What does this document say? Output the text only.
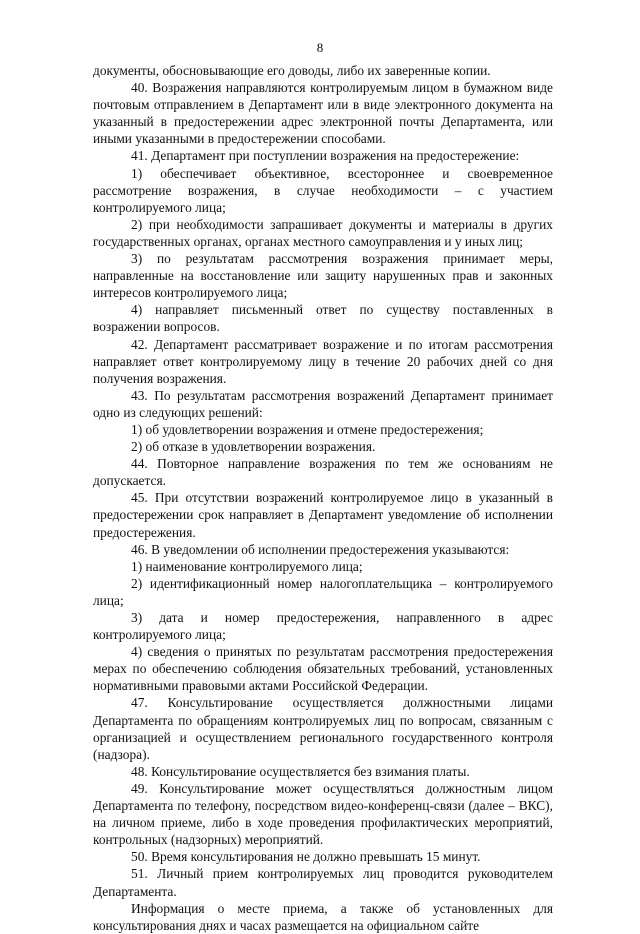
8

документы, обосновывающие его доводы, либо их заверенные копии.

40. Возражения направляются контролируемым лицом в бумажном виде почтовым отправлением в Департамент или в виде электронного документа на указанный в предостережении адрес электронной почты Департамента, или иными указанными в предостережении способами.

41. Департамент при поступлении возражения на предостережение:

1) обеспечивает объективное, всестороннее и своевременное рассмотрение возражения, в случае необходимости – с участием контролируемого лица;

2) при необходимости запрашивает документы и материалы в других государственных органах, органах местного самоуправления и у иных лиц;

3) по результатам рассмотрения возражения принимает меры, направленные на восстановление или защиту нарушенных прав и законных интересов контролируемого лица;

4) направляет письменный ответ по существу поставленных в возражении вопросов.

42. Департамент рассматривает возражение и по итогам рассмотрения направляет ответ контролируемому лицу в течение 20 рабочих дней со дня получения возражения.

43. По результатам рассмотрения возражений Департамент принимает одно из следующих решений:

1) об удовлетворении возражения и отмене предостережения;

2) об отказе в удовлетворении возражения.

44. Повторное направление возражения по тем же основаниям не допускается.

45. При отсутствии возражений контролируемое лицо в указанный в предостережении срок направляет в Департамент уведомление об исполнении предостережения.

46. В уведомлении об исполнении предостережения указываются:

1) наименование контролируемого лица;

2) идентификационный номер налогоплательщика – контролируемого лица;

3) дата и номер предостережения, направленного в адрес контролируемого лица;

4) сведения о принятых по результатам рассмотрения предостережения мерах по обеспечению соблюдения обязательных требований, установленных нормативными правовыми актами Российской Федерации.

47. Консультирование осуществляется должностными лицами Департамента по обращениям контролируемых лиц по вопросам, связанным с организацией и осуществлением регионального государственного контроля (надзора).

48. Консультирование осуществляется без взимания платы.

49. Консультирование может осуществляться должностным лицом Департамента по телефону, посредством видео-конференц-связи (далее – ВКС), на личном приеме, либо в ходе проведения профилактических мероприятий, контрольных (надзорных) мероприятий.

50. Время консультирования не должно превышать 15 минут.

51. Личный прием контролируемых лиц проводится руководителем Департамента.

Информация о месте приема, а также об установленных для консультирования днях и часах размещается на официальном сайте
